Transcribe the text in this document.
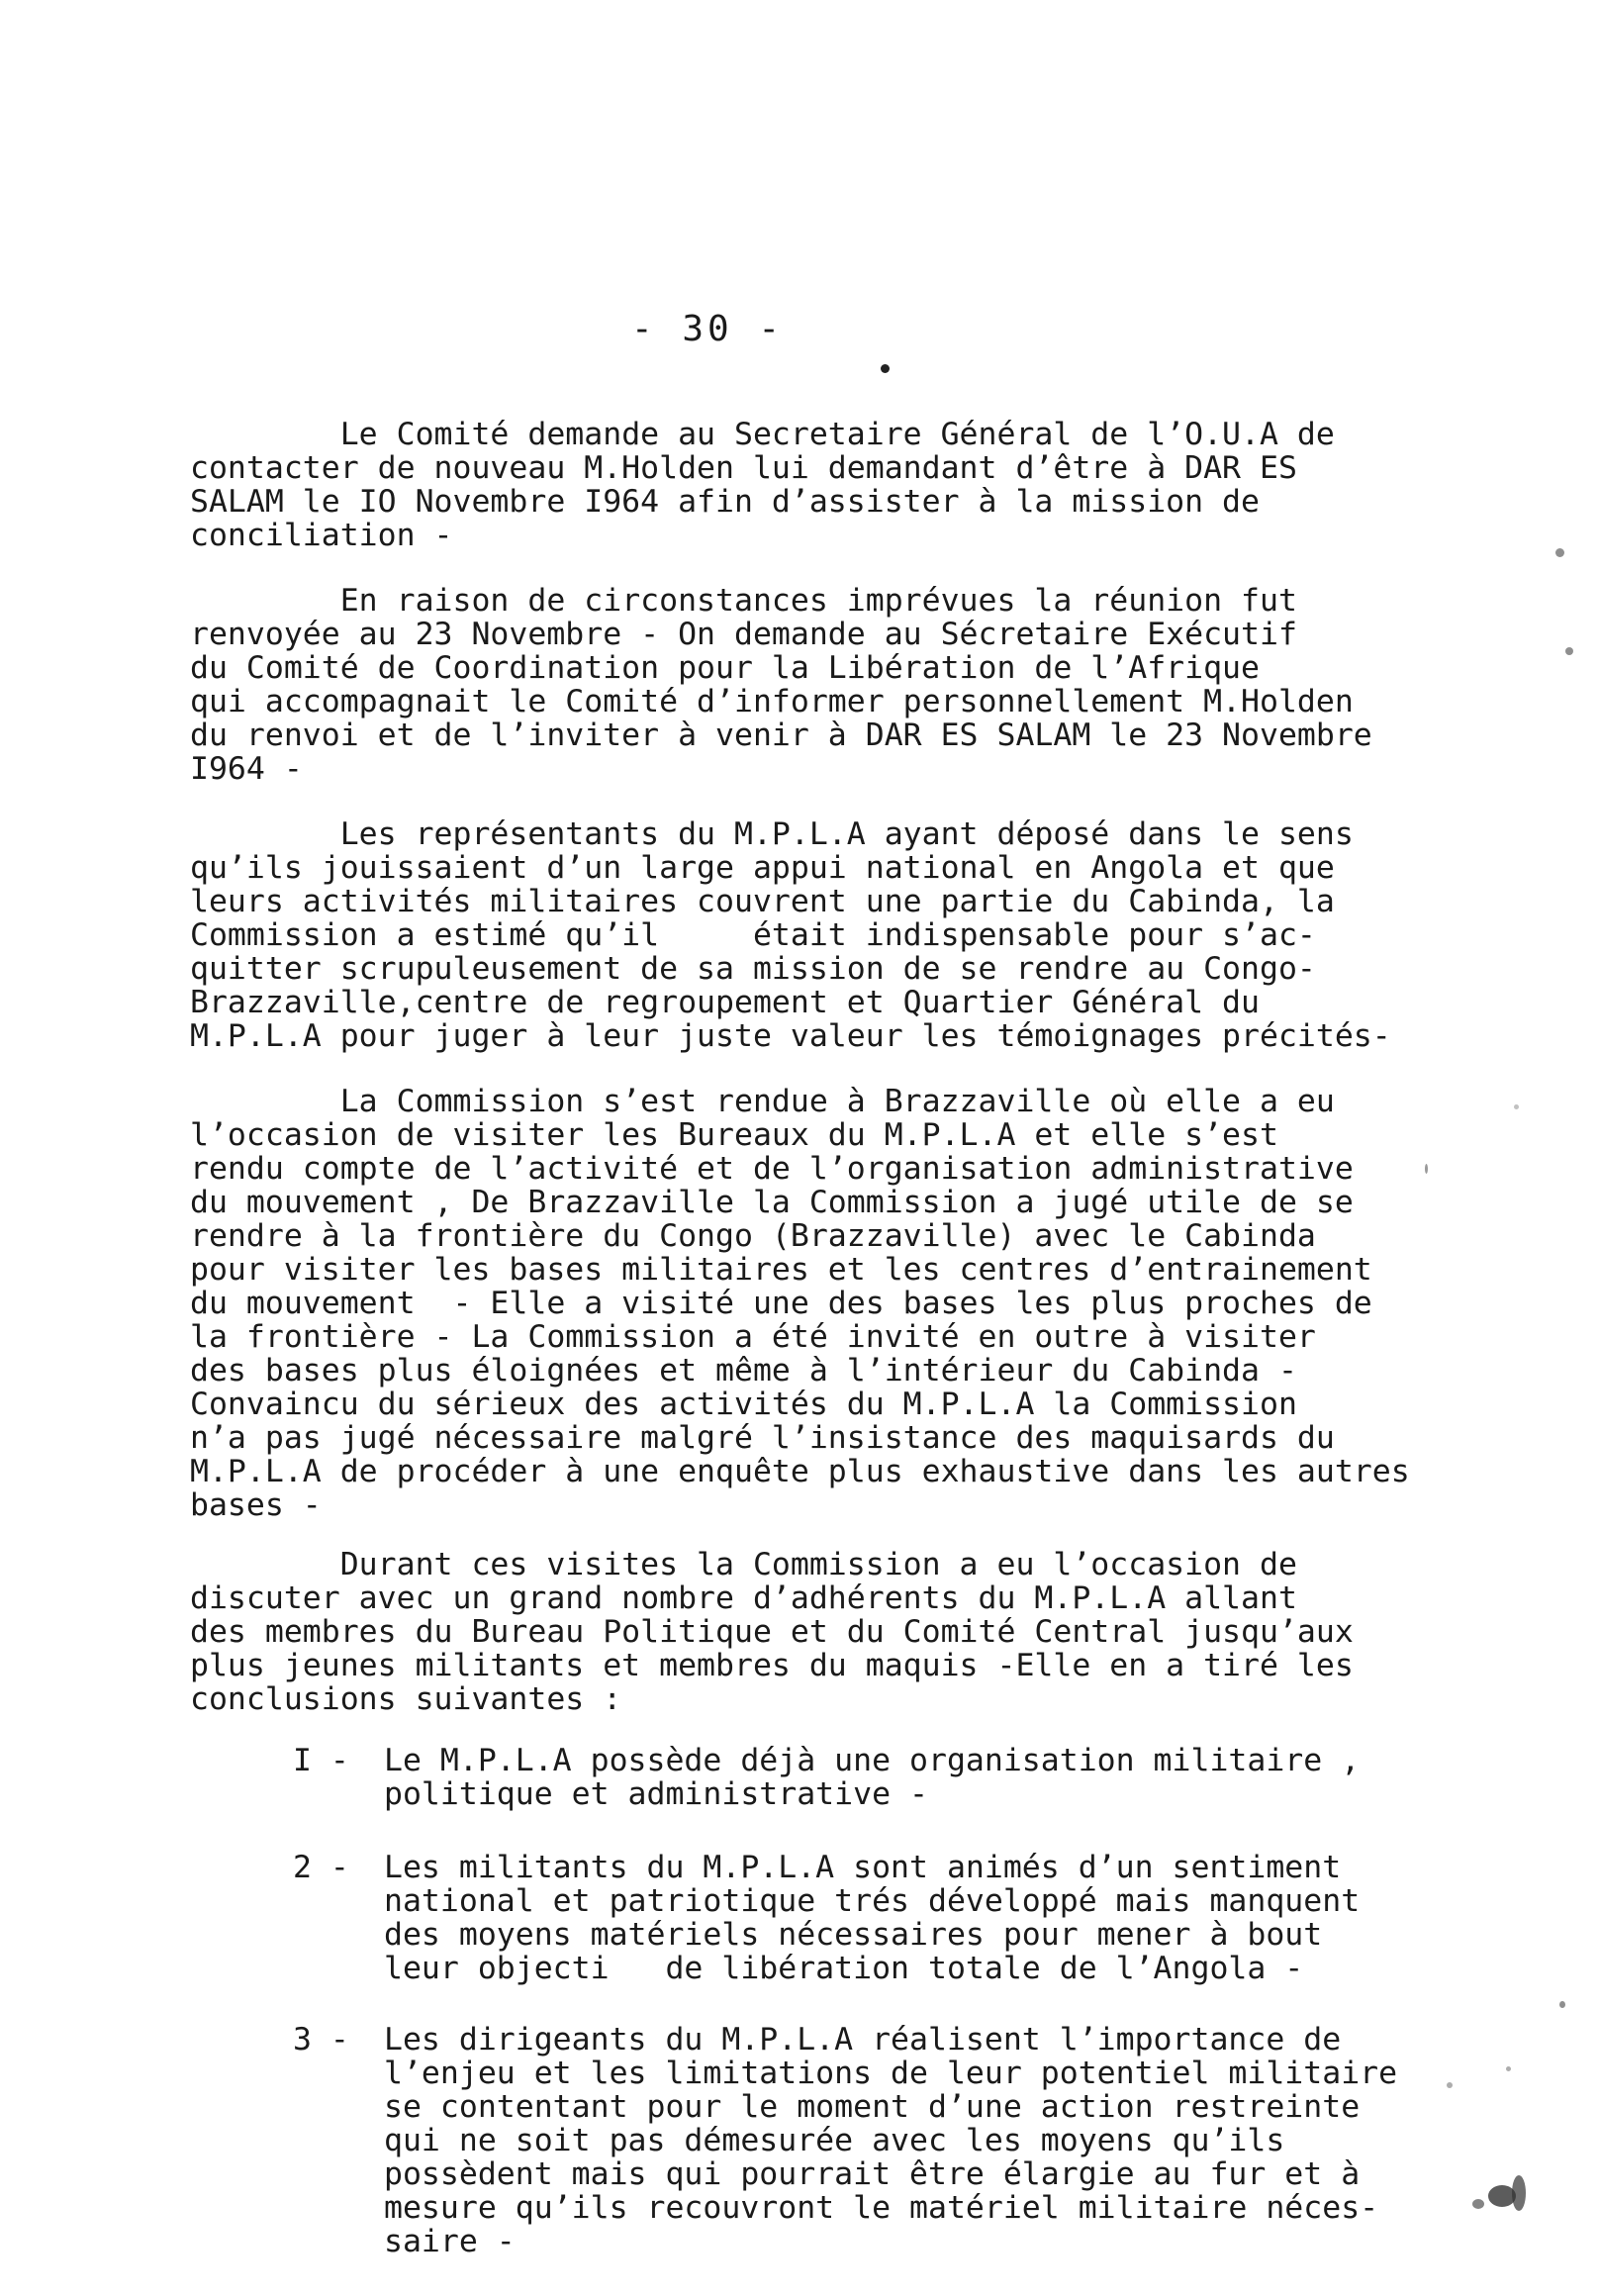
- 30 -

Le Comité demande au Secretaire Général de l’O.U.A de
contacter de nouveau M.Holden lui demandant d’être à DAR ES
SALAM le IO Novembre I964 afin d’assister à la mission de
conciliation -

En raison de circonstances imprévues la réunion fut
renvoyée au 23 Novembre - On demande au Sécretaire Exécutif
du Comité de Coordination pour la Libération de l’Afrique
qui accompagnait le Comité d’informer personnellement M.Holden
du renvoi et de l’inviter à venir à DAR ES SALAM le 23 Novembre
I964 -

Les représentants du M.P.L.A ayant déposé dans le sens
qu’ils jouissaient d’un large appui national en Angola et que
leurs activités militaires couvrent une partie du Cabinda, la
Commission a estimé qu’il     était indispensable pour s’ac-
quitter scrupuleusement de sa mission de se rendre au Congo-
Brazzaville,centre de regroupement et Quartier Général du
M.P.L.A pour juger à leur juste valeur les témoignages précités-

La Commission s’est rendue à Brazzaville où elle a eu
l’occasion de visiter les Bureaux du M.P.L.A et elle s’est
rendu compte de l’activité et de l’organisation administrative
du mouvement , De Brazzaville la Commission a jugé utile de se
rendre à la frontière du Congo (Brazzaville) avec le Cabinda
pour visiter les bases militaires et les centres d’entrainement
du mouvement  - Elle a visité une des bases les plus proches de
la frontière - La Commission a été invité en outre à visiter
des bases plus éloignées et même à l’intérieur du Cabinda -
Convaincu du sérieux des activités du M.P.L.A la Commission
n’a pas jugé nécessaire malgré l’insistance des maquisards du
M.P.L.A de procéder à une enquête plus exhaustive dans les autres
bases -

Durant ces visites la Commission a eu l’occasion de
discuter avec un grand nombre d’adhérents du M.P.L.A allant
des membres du Bureau Politique et du Comité Central jusqu’aux
plus jeunes militants et membres du maquis -Elle en a tiré les
conclusions suivantes :

I -	Le M.P.L.A possède déjà une organisation militaire ,
politique et administrative -
2 -	Les militants du M.P.L.A sont animés d’un sentiment
national et patriotique trés développé mais manquent
des moyens matériels nécessaires pour mener à bout
leur objecti   de libération totale de l’Angola -
3 -	Les dirigeants du M.P.L.A réalisent l’importance de
l’enjeu et les limitations de leur potentiel militaire
se contentant pour le moment d’une action restreinte
qui ne soit pas démesurée avec les moyens qu’ils
possèdent mais qui pourrait être élargie au fur et à
mesure qu’ils recouvront le matériel militaire néces-
saire -
